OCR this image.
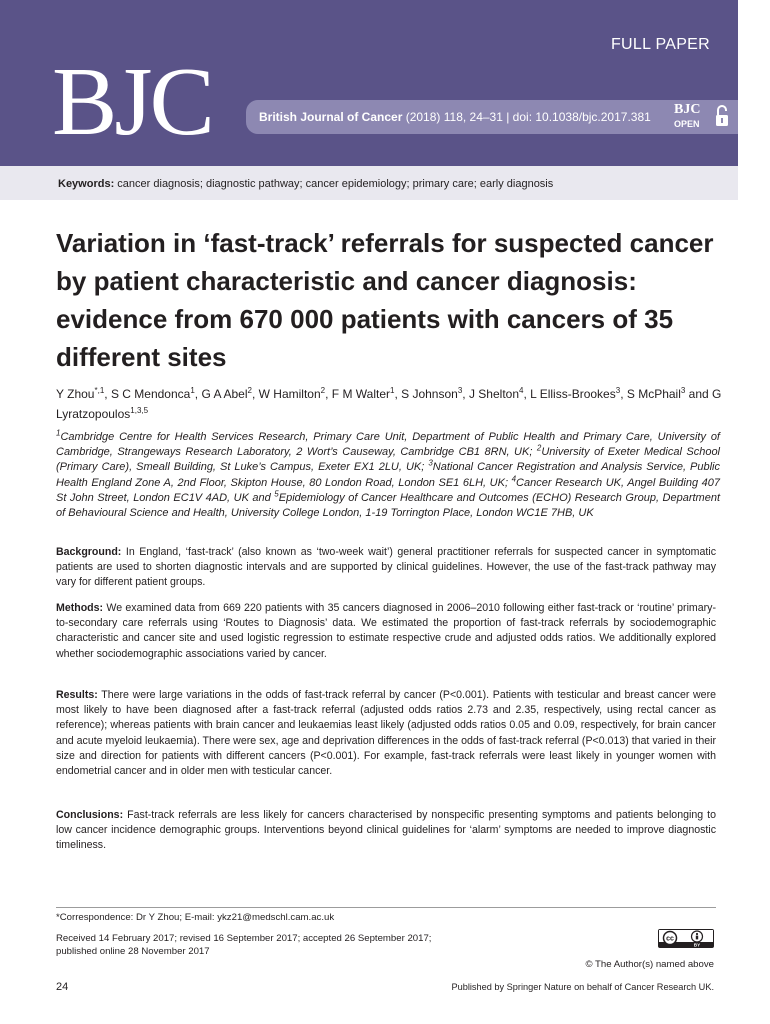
FULL PAPER
BJC	British Journal of Cancer (2018) 118, 24–31 | doi: 10.1038/bjc.2017.381 BJC
OPEN
Keywords: cancer diagnosis; diagnostic pathway; cancer epidemiology; primary care; early diagnosis
Variation in ‘fast-track’ referrals for suspected cancer by patient characteristic and cancer diagnosis: evidence from 670 000 patients with cancers of 35 different sites
Y Zhou$^{*,1}$, S C Mendonca$^1$, G A Abel$^2$, W Hamilton$^2$, F M Walter$^1$, S Johnson$^3$, J Shelton$^4$, L Elliss-Brookes$^3$, S McPhail$^3$ and G Lyratzopoulos$^{1,3,5}$
$^1$Cambridge Centre for Health Services Research, Primary Care Unit, Department of Public Health and Primary Care, University of Cambridge, Strangeways Research Laboratory, 2 Wort’s Causeway, Cambridge CB1 8RN, UK; $^2$University of Exeter Medical School (Primary Care), Smeall Building, St Luke’s Campus, Exeter EX1 2LU, UK; $^3$National Cancer Registration and Analysis Service, Public Health England Zone A, 2nd Floor, Skipton House, 80 London Road, London SE1 6LH, UK; $^4$Cancer Research UK, Angel Building 407 St John Street, London EC1V 4AD, UK and $^5$Epidemiology of Cancer Healthcare and Outcomes (ECHO) Research Group, Department of Behavioural Science and Health, University College London, 1-19 Torrington Place, London WC1E 7HB, UK
Background: In England, ‘fast-track’ (also known as ‘two-week wait’) general practitioner referrals for suspected cancer in symptomatic patients are used to shorten diagnostic intervals and are supported by clinical guidelines. However, the use of the fast-track pathway may vary for different patient groups.
Methods: We examined data from 669 220 patients with 35 cancers diagnosed in 2006–2010 following either fast-track or ‘routine’ primary-to-secondary care referrals using ‘Routes to Diagnosis’ data. We estimated the proportion of fast-track referrals by sociodemographic characteristic and cancer site and used logistic regression to estimate respective crude and adjusted odds ratios. We additionally explored whether sociodemographic associations varied by cancer.
Results: There were large variations in the odds of fast-track referral by cancer (P<0.001). Patients with testicular and breast cancer were most likely to have been diagnosed after a fast-track referral (adjusted odds ratios 2.73 and 2.35, respectively, using rectal cancer as reference); whereas patients with brain cancer and leukaemias least likely (adjusted odds ratios 0.05 and 0.09, respectively, for brain cancer and acute myeloid leukaemia). There were sex, age and deprivation differences in the odds of fast-track referral (P<0.013) that varied in their size and direction for patients with different cancers (P<0.001). For example, fast-track referrals were least likely in younger women with endometrial cancer and in older men with testicular cancer.
Conclusions: Fast-track referrals are less likely for cancers characterised by nonspecific presenting symptoms and patients belonging to low cancer incidence demographic groups. Interventions beyond clinical guidelines for ‘alarm’ symptoms are needed to improve diagnostic timeliness.
*Correspondence: Dr Y Zhou; E-mail: ykz21@medschl.cam.ac.uk
Received 14 February 2017; revised 16 September 2017; accepted 26 September 2017;
published online 28 November 2017
cc
BY
© The Author(s) named above
24	Published by Springer Nature on behalf of Cancer Research UK.
